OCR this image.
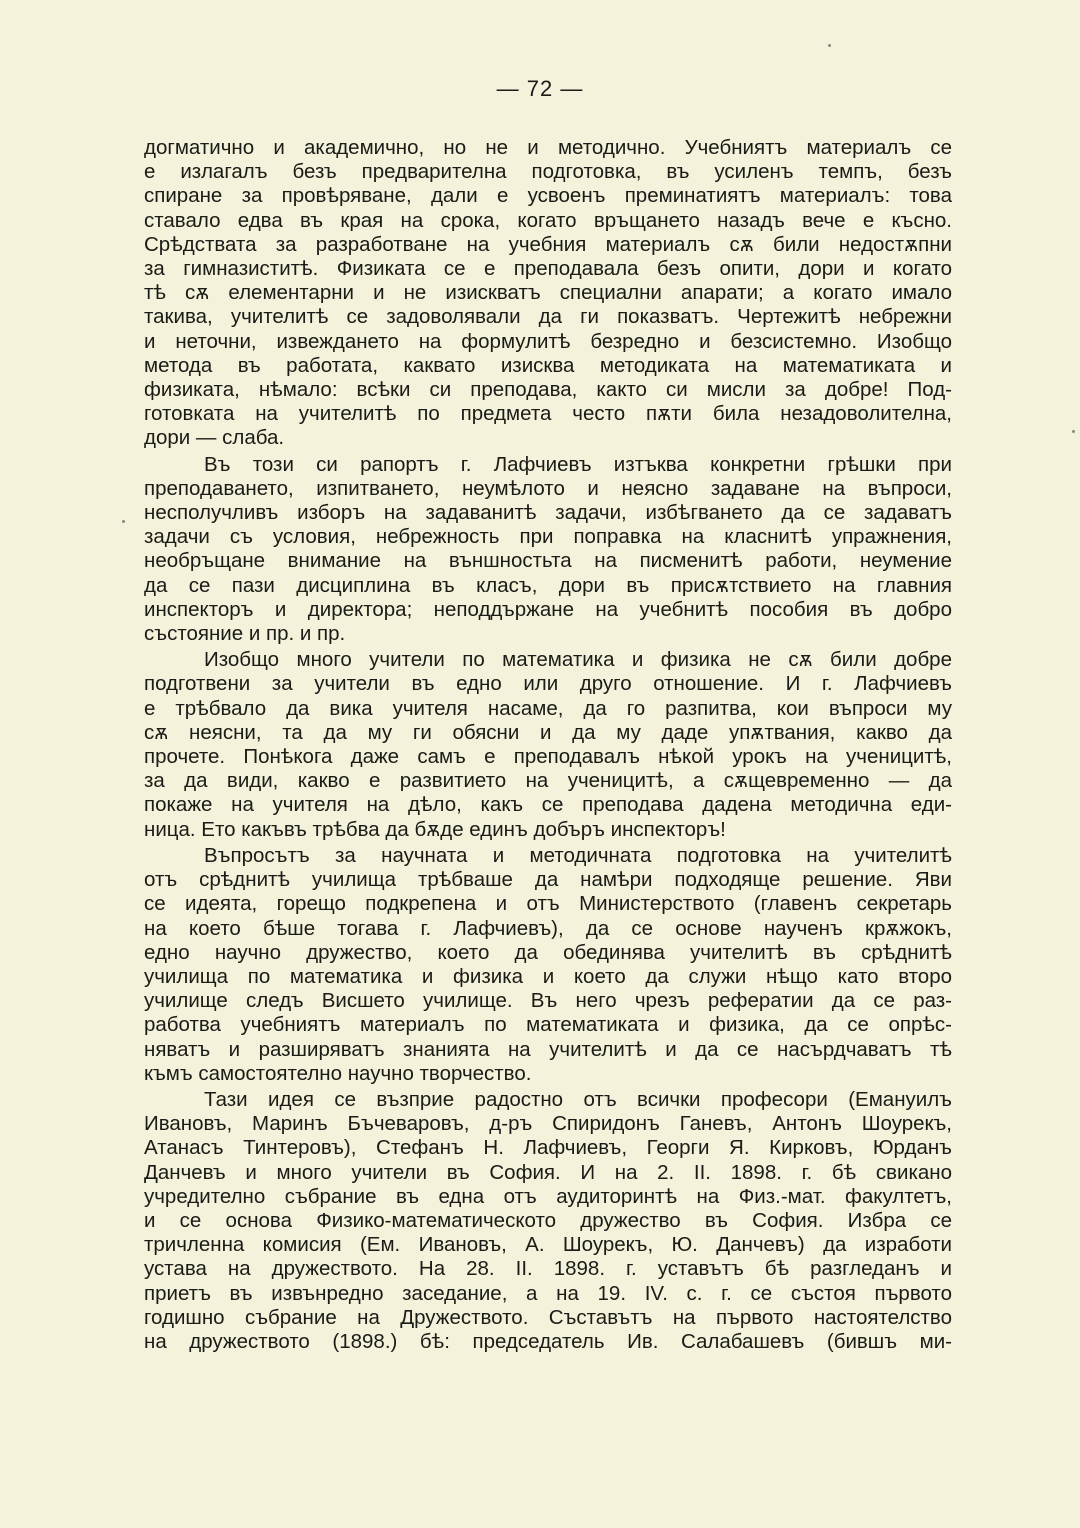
— 72 —

догматично и академично, но не и методично. Учебниятъ материалъ се
е излагалъ безъ предварителна подготовка, въ усиленъ темпъ, безъ
спиране за провѣряване, дали е усвоенъ преминатиятъ материалъ: това
ставало едва въ края на срока, когато връщането назадъ вече е късно.
Срѣдствата за разработване на учебния материалъ сѫ били недостѫпни
за гимназиститѣ. Физиката се е преподавала безъ опити, дори и когато
тѣ сѫ елементарни и не изискватъ специални апарати; а когато имало
такива, учителитѣ се задоволявали да ги показватъ. Чертежитѣ небрежни
и неточни, извеждането на формулитѣ безредно и безсистемно. Изобщо
метода въ работата, каквато изисква методиката на математиката и
физиката, нѣмало: всѣки си преподава, както си мисли за добре! Под-
готовката на учителитѣ по предмета често пѫти била незадоволителна,
дори — слаба.

Въ този си рапортъ г. Лафчиевъ изтъква конкретни грѣшки при
преподаването, изпитването, неумѣлото и неясно задаване на въпроси,
несполучливъ изборъ на задаванитѣ задачи, избѣгването да се задаватъ
задачи съ условия, небрежность при поправка на класнитѣ упражнения,
необръщане внимание на външностьта на писменитѣ работи, неумение
да се пази дисциплина въ класъ, дори въ присѫтствието на главния
инспекторъ и директора; неподдържане на учебнитѣ пособия въ добро
състояние и пр. и пр.

Изобщо много учители по математика и физика не сѫ били добре
подготвени за учители въ едно или друго отношение. И г. Лафчиевъ
е трѣбвало да вика учителя насаме, да го разпитва, кои въпроси му
сѫ неясни, та да му ги обясни и да му даде упѫтвания, какво да
прочете. Понѣкога даже самъ е преподавалъ нѣкой урокъ на ученицитѣ,
за да види, какво е развитието на ученицитѣ, а сѫщевременно — да
покаже на учителя на дѣло, какъ се преподава дадена методична еди-
ница. Ето какъвъ трѣбва да бѫде единъ добъръ инспекторъ!

Въпросътъ за научната и методичната подготовка на учителитѣ
отъ срѣднитѣ училища трѣбваше да намѣри подходяще решение. Яви
се идеята, горещо подкрепена и отъ Министерството (главенъ секретарь
на което бѣше тогава г. Лафчиевъ), да се основе наученъ крѫжокъ,
едно научно дружество, което да обединява учителитѣ въ срѣднитѣ
училища по математика и физика и което да служи нѣщо като второ
училище следъ Висшето училище. Въ него чрезъ рефератии да се раз-
работва учебниятъ материалъ по математиката и физика, да се опрѣс-
няватъ и разширяватъ знанията на учителитѣ и да се насърдчаватъ тѣ
къмъ самостоятелно научно творчество.

Тази идея се възприе радостно отъ всички професори (Емануилъ
Ивановъ, Маринъ Бъчеваровъ, д-ръ Спиридонъ Ганевъ, Антонъ Шоурекъ,
Атанасъ Тинтеровъ), Стефанъ Н. Лафчиевъ, Георги Я. Кирковъ, Юрданъ
Данчевъ и много учители въ София. И на 2. II. 1898. г. бѣ свикано
учредително събрание въ една отъ аудиторинтѣ на Физ.-мат. факултетъ,
и се основа Физико-математическото дружество въ София. Избра се
тричленна комисия (Ем. Ивановъ, А. Шоурекъ, Ю. Данчевъ) да изработи
устава на дружеството. На 28. II. 1898. г. уставътъ бѣ разгледанъ и
приетъ въ извънредно заседание, а на 19. IV. с. г. се състоя първото
годишно събрание на Дружеството. Съставътъ на първото настоятелство
на дружеството (1898.) бѣ: председатель Ив. Салабашевъ (бившъ ми-
